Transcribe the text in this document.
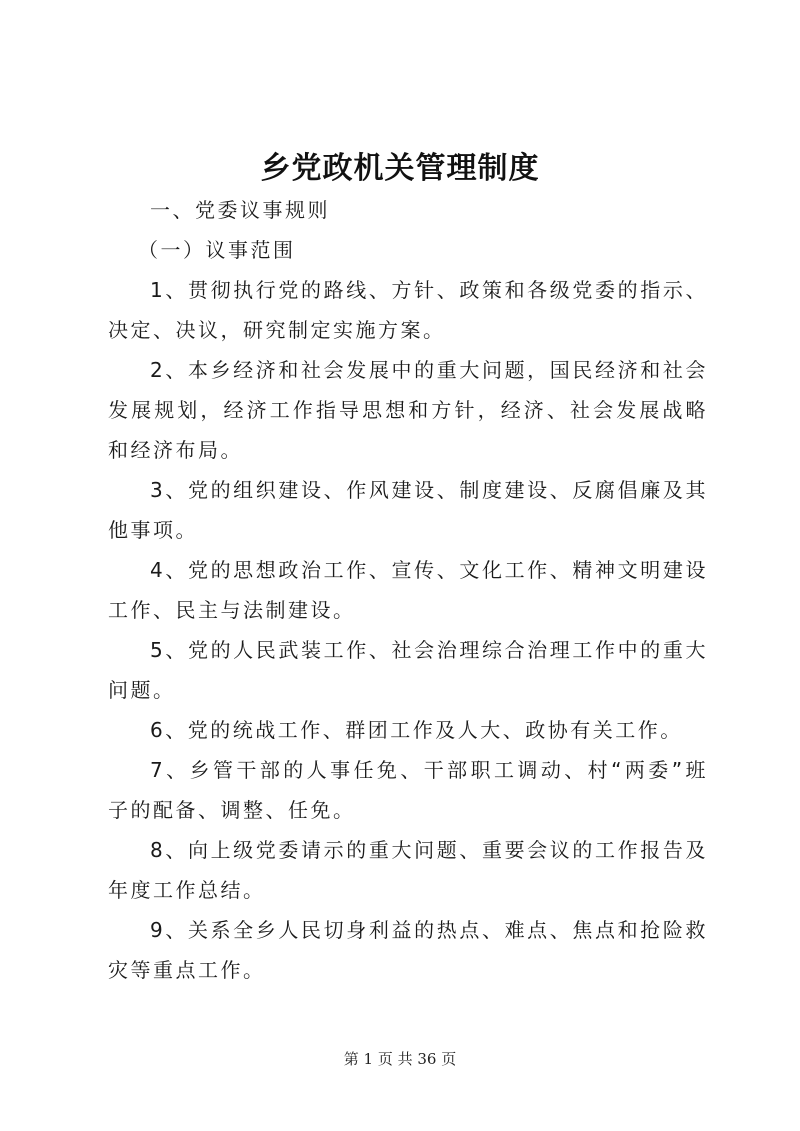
乡党政机关管理制度

一、党委议事规则

（一）议事范围

1、贯彻执行党的路线、方针、政策和各级党委的指示、决定、决议，研究制定实施方案。

2、本乡经济和社会发展中的重大问题，国民经济和社会发展规划，经济工作指导思想和方针，经济、社会发展战略和经济布局。

3、党的组织建设、作风建设、制度建设、反腐倡廉及其他事项。

4、党的思想政治工作、宣传、文化工作、精神文明建设工作、民主与法制建设。

5、党的人民武装工作、社会治理综合治理工作中的重大问题。

6、党的统战工作、群团工作及人大、政协有关工作。

7、乡管干部的人事任免、干部职工调动、村“两委”班子的配备、调整、任免。

8、向上级党委请示的重大问题、重要会议的工作报告及年度工作总结。

9、关系全乡人民切身利益的热点、难点、焦点和抢险救灾等重点工作。

第 1 页 共 36 页
